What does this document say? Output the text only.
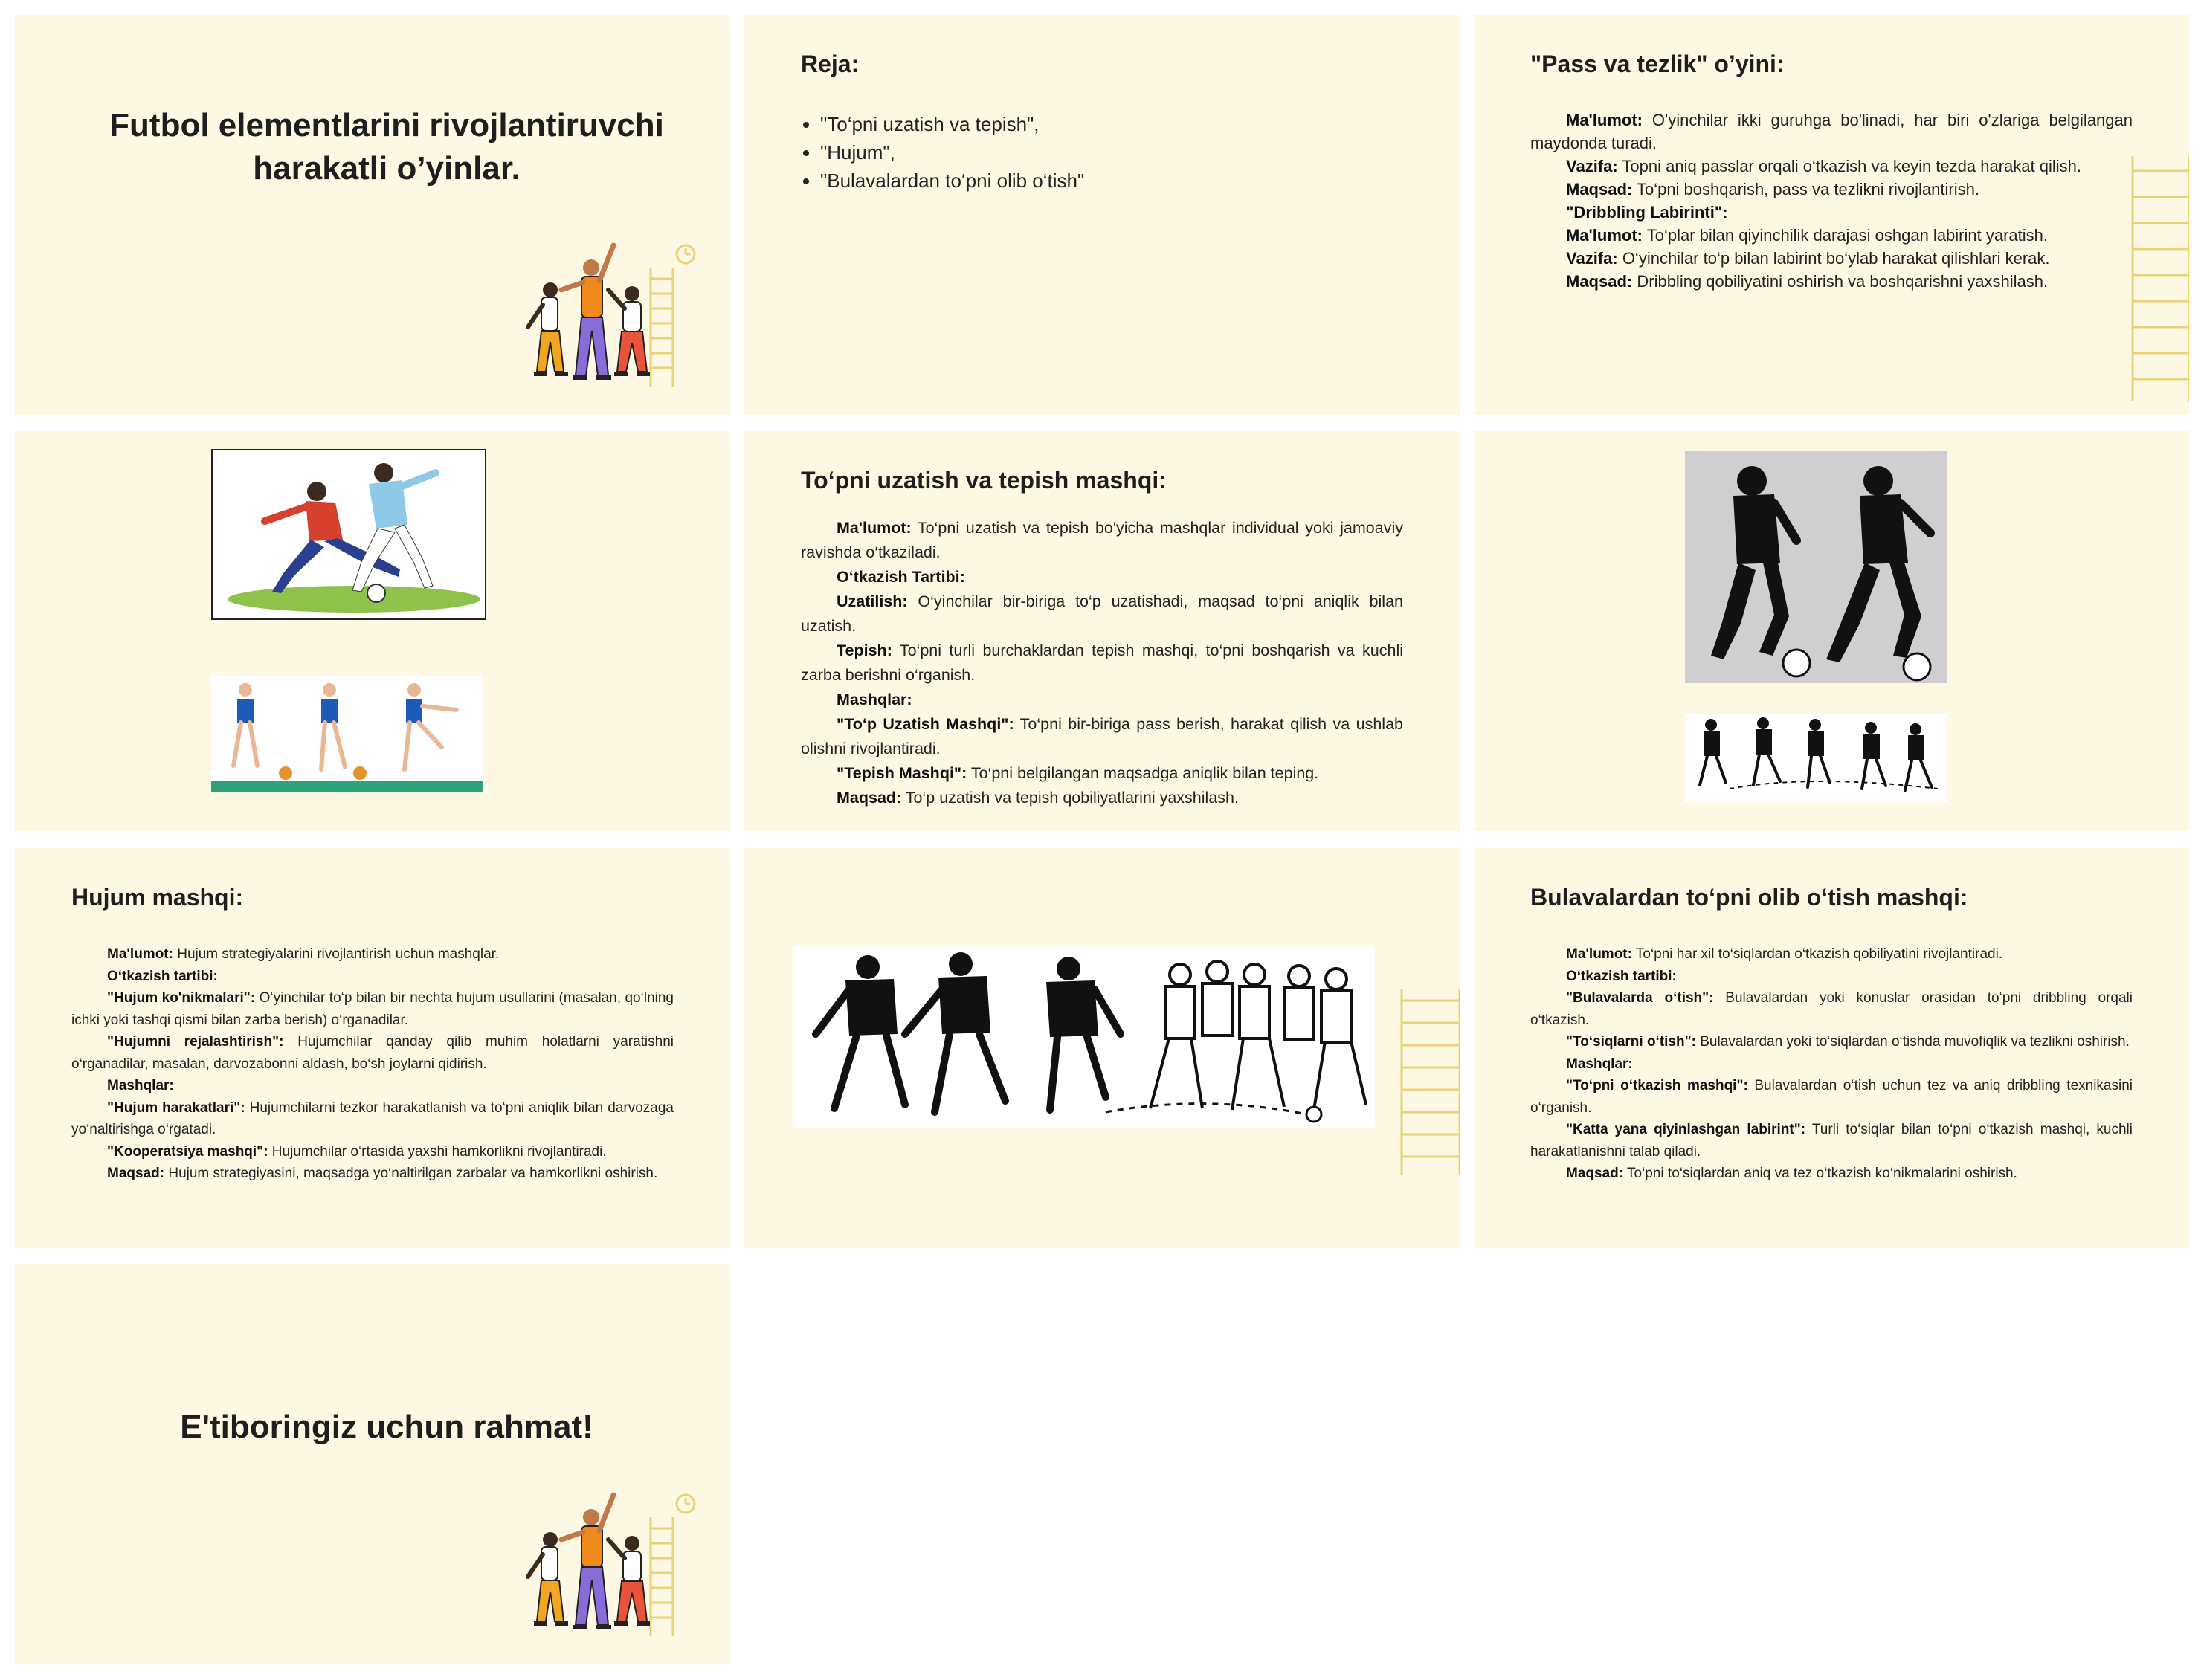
Futbol elementlarini rivojlantiruvchi harakatli o’yinlar.
Reja:
• "To‘pni uzatish va tepish",
• "Hujum",
• "Bulavalardan to‘pni olib o‘tish"
"Pass va tezlik" o’yini:

Ma'lumot: O'yinchilar ikki guruhga bo'linadi, har biri o'zlariga belgilangan maydonda turadi.

Vazifa: Topni aniq passlar orqali o‘tkazish va keyin tezda harakat qilish.

Maqsad: To‘pni boshqarish, pass va tezlikni rivojlantirish.

"Dribbling Labirinti":

Ma'lumot: To‘plar bilan qiyinchilik darajasi oshgan labirint yaratish.

Vazifa: O‘yinchilar to‘p bilan labirint bo‘ylab harakat qilishlari kerak.

Maqsad: Dribbling qobiliyatini oshirish va boshqarishni yaxshilash.

To‘pni uzatish va tepish mashqi:

Ma'lumot: To‘pni uzatish va tepish bo'yicha mashqlar individual yoki jamoaviy ravishda o‘tkaziladi.

O‘tkazish Tartibi:

Uzatilish: O‘yinchilar bir-biriga to‘p uzatishadi, maqsad to‘pni aniqlik bilan uzatish.

Tepish: To‘pni turli burchaklardan tepish mashqi, to‘pni boshqarish va kuchli zarba berishni o‘rganish.

Mashqlar:

"To‘p Uzatish Mashqi": To‘pni bir-biriga pass berish, harakat qilish va ushlab olishni rivojlantiradi.

"Tepish Mashqi": To‘pni belgilangan maqsadga aniqlik bilan teping.

Maqsad: To‘p uzatish va tepish qobiliyatlarini yaxshilash.

Hujum mashqi:

Ma'lumot: Hujum strategiyalarini rivojlantirish uchun mashqlar.

O‘tkazish tartibi:

"Hujum ko'nikmalari": O‘yinchilar to‘p bilan bir nechta hujum usullarini (masalan, qo‘lning ichki yoki tashqi qismi bilan zarba berish) o‘rganadilar.

"Hujumni rejalashtirish": Hujumchilar qanday qilib muhim holatlarni yaratishni o‘rganadilar, masalan, darvozabonni aldash, bo‘sh joylarni qidirish.

Mashqlar:

"Hujum harakatlari": Hujumchilarni tezkor harakatlanish va to‘pni aniqlik bilan darvozaga yo‘naltirishga o‘rgatadi.

"Kooperatsiya mashqi": Hujumchilar o‘rtasida yaxshi hamkorlikni rivojlantiradi.

Maqsad: Hujum strategiyasini, maqsadga yo‘naltirilgan zarbalar va hamkorlikni oshirish.

Bulavalardan to‘pni olib o‘tish mashqi:

Ma'lumot: To‘pni har xil to‘siqlardan o‘tkazish qobiliyatini rivojlantiradi.

O‘tkazish tartibi:

"Bulavalarda o‘tish": Bulavalardan yoki konuslar orasidan to‘pni dribbling orqali o‘tkazish.

"To‘siqlarni o‘tish": Bulavalardan yoki to‘siqlardan o‘tishda muvofiqlik va tezlikni oshirish.

Mashqlar:

"To‘pni o‘tkazish mashqi": Bulavalardan o‘tish uchun tez va aniq dribbling texnikasini o‘rganish.

"Katta yana qiyinlashgan labirint": Turli to‘siqlar bilan to‘pni o‘tkazish mashqi, kuchli harakatlanishni talab qiladi.

Maqsad: To‘pni to‘siqlardan aniq va tez o‘tkazish ko‘nikmalarini oshirish.

E'tiboringiz uchun rahmat!
